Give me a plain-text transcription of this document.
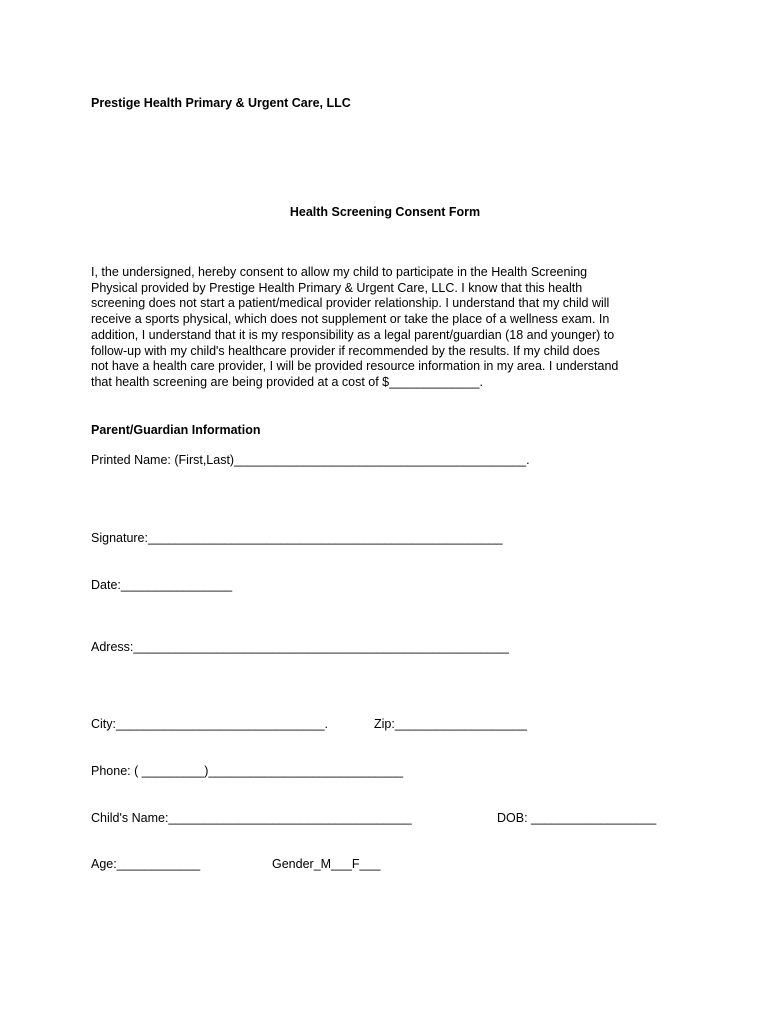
Prestige Health Primary & Urgent Care, LLC
Health Screening Consent Form
I, the undersigned, hereby consent to allow my child to participate in the Health Screening
Physical provided by Prestige Health Primary & Urgent Care, LLC. I know that this health
screening does not start a patient/medical provider relationship. I understand that my child will
receive a sports physical, which does not supplement or take the place of a wellness exam. In
addition, I understand that it is my responsibility as a legal parent/guardian (18 and younger) to
follow-up with my child's healthcare provider if recommended by the results. If my child does
not have a health care provider, I will be provided resource information in my area. I understand
that health screening are being provided at a cost of $_____________.
Parent/Guardian Information
Printed Name: (First,Last)__________________________________________.
Signature:___________________________________________________
Date:________________
Adress:______________________________________________________
City:______________________________.	Zip:___________________
Phone: ( _________)____________________________
Child's Name:___________________________________	DOB: __________________
Age:____________	Gender_M___F___
